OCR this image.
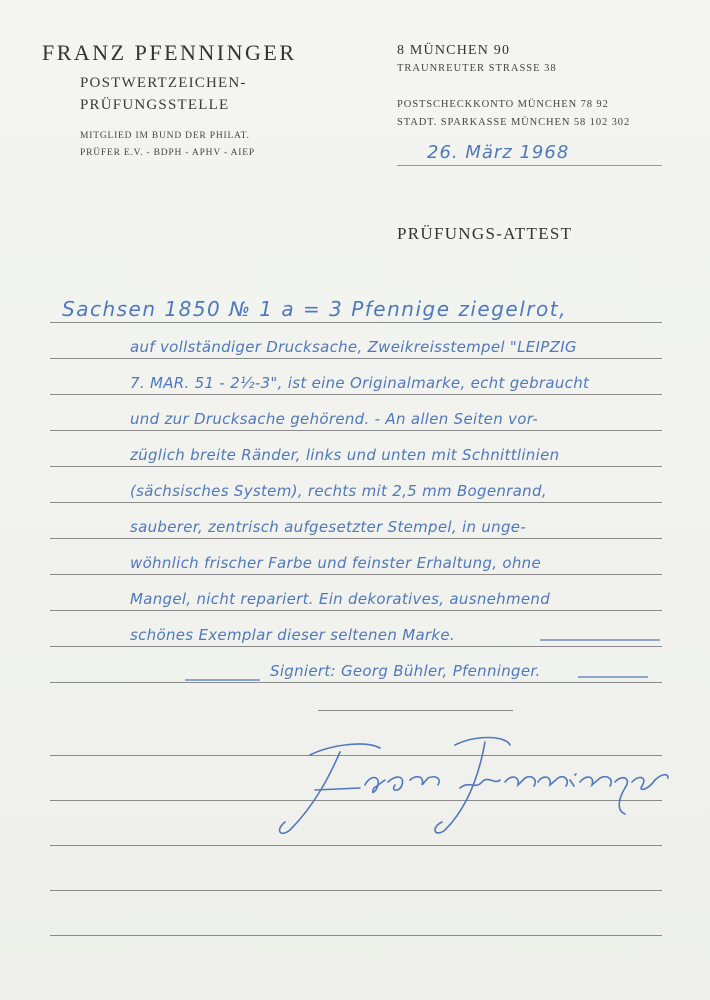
FRANZ PFENNINGER
POSTWERTZEICHEN-
PRÜFUNGSSTELLE
MITGLIED IM BUND DER PHILAT.
PRÜFER E.V. - BDPH - APHV - AIEP
8 MÜNCHEN 90
TRAUNREUTER STRASSE 38
POSTSCHECKKONTO MÜNCHEN 78 92
STADT. SPARKASSE MÜNCHEN 58 102 302
26. März 1968
PRÜFUNGS-ATTEST
Sachsen 1850 № 1 a = 3 Pfennige ziegelrot,
auf vollständiger Drucksache, Zweikreisstempel "LEIPZIG
7. MAR. 51 - 2½-3", ist eine Originalmarke, echt gebraucht
und zur Drucksache gehörend. - An allen Seiten vor-
züglich breite Ränder, links und unten mit Schnittlinien
(sächsisches System), rechts mit 2,5 mm Bogenrand,
sauberer, zentrisch aufgesetzter Stempel, in unge-
wöhnlich frischer Farbe und feinster Erhaltung, ohne
Mangel, nicht repariert. Ein dekoratives, ausnehmend
schönes Exemplar dieser seltenen Marke.
Signiert: Georg Bühler, Pfenninger.
